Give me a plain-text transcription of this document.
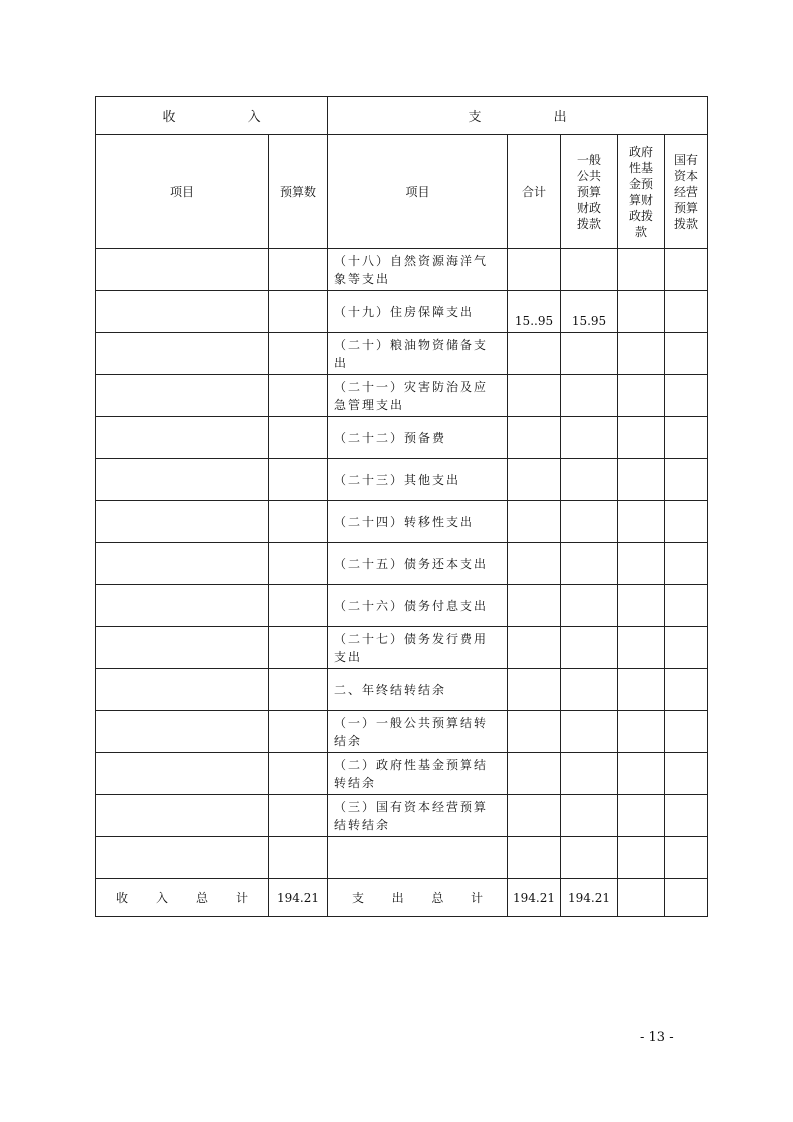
收 入		支 出				
项目	预算数	项目	合计	一般公共预算财政拨款	政府性基金预算财政拨款	国有资本经营预算拨款
		（十八）自然资源海洋气象等支出				
		（十九）住房保障支出	15..95	15.95		
		（二十）粮油物资储备支出				
		（二十一）灾害防治及应急管理支出				
		（二十二）预备费				
		（二十三）其他支出				
		（二十四）转移性支出				
		（二十五）债务还本支出				
		（二十六）债务付息支出				
		（二十七）债务发行费用支出				
		二、年终结转结余				
		（一）一般公共预算结转结余				
		（二）政府性基金预算结转结余				
		（三）国有资本经营预算结转结余				

收入总计	194.21	支出总计	194.21	194.21		
- 13 -
